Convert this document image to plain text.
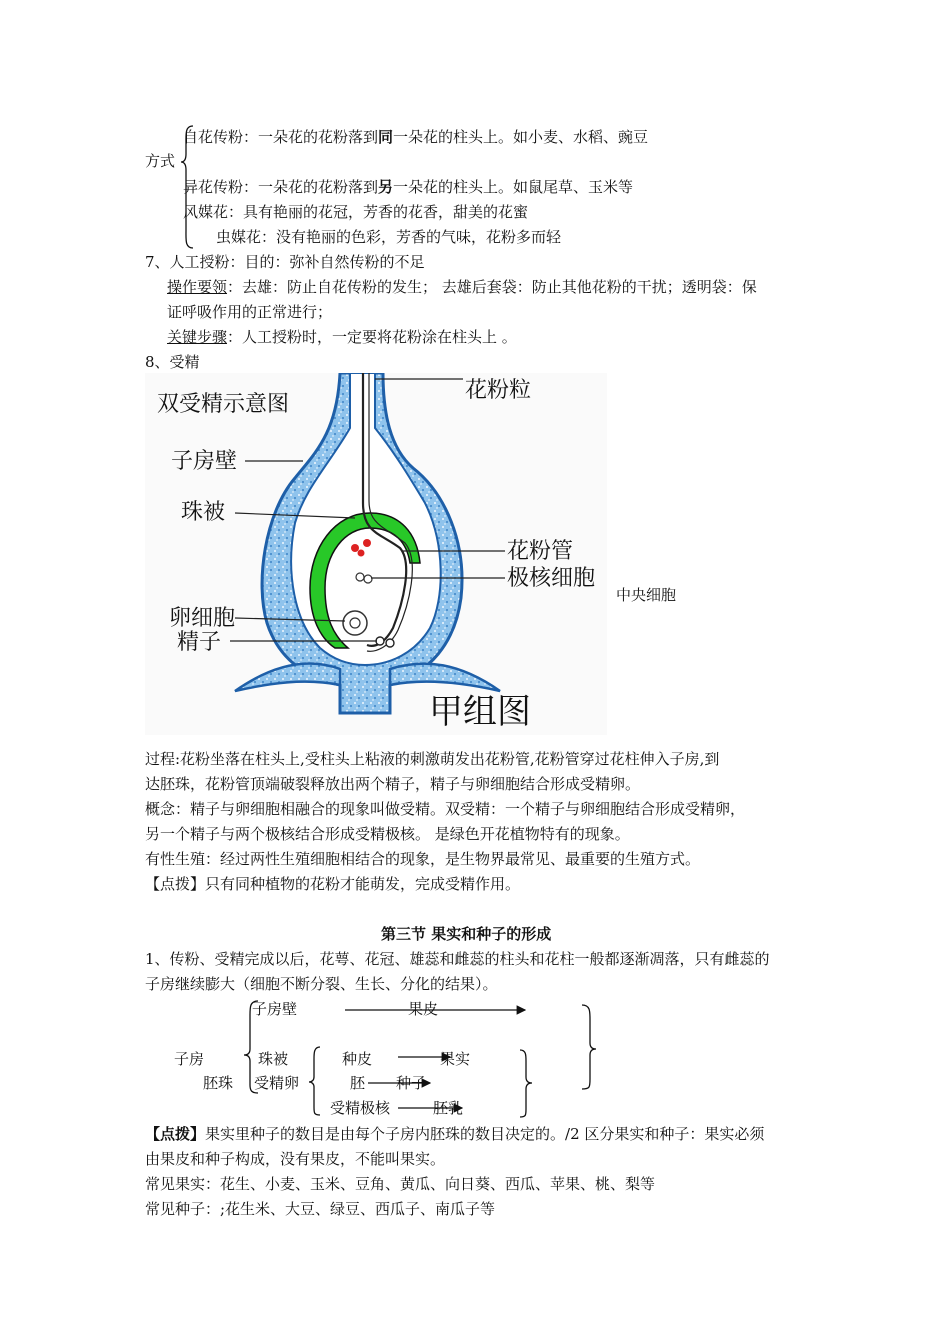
方式
自花传粉：一朵花的花粉落到同一朵花的柱头上。如小麦、水稻、豌豆
异花传粉：一朵花的花粉落到另一朵花的柱头上。如鼠尾草、玉米等
风媒花：具有艳丽的花冠，芳香的花香，甜美的花蜜
虫媒花：没有艳丽的色彩，芳香的气味，花粉多而轻
7、人工授粉：目的：弥补自然传粉的不足
操作要领：去雄：防止自花传粉的发生； 去雄后套袋：防止其他花粉的干扰；透明袋：保
证呼吸作用的正常进行；
关键步骤：人工授粉时，一定要将花粉涂在柱头上 。
8、受精
双受精示意图
花粉粒
子房壁
珠被
花粉管
极核细胞
卵细胞
精子
甲组图
中央细胞
过程:花粉坐落在柱头上,受柱头上粘液的刺激萌发出花粉管,花粉管穿过花柱伸入子房,到
达胚珠，花粉管顶端破裂释放出两个精子，精子与卵细胞结合形成受精卵。
概念：精子与卵细胞相融合的现象叫做受精。双受精：一个精子与卵细胞结合形成受精卵，
另一个精子与两个极核结合形成受精极核。 是绿色开花植物特有的现象。
有性生殖：经过两性生殖细胞相结合的现象，是生物界最常见、最重要的生殖方式。
【点拨】只有同种植物的花粉才能萌发，完成受精作用。
第三节 果实和种子的形成
1、传粉、受精完成以后，花萼、花冠、雄蕊和雌蕊的柱头和花柱一般都逐渐凋落，只有雌蕊的
子房继续膨大（细胞不断分裂、生长、分化的结果）。
子房壁	果皮
子房	珠被	种皮	果实
胚珠 受精卵	胚 种子
受精极核	胚乳
【点拨】果实里种子的数目是由每个子房内胚珠的数目决定的。/2 区分果实和种子：果实必须
由果皮和种子构成，没有果皮，不能叫果实。
常见果实：花生、小麦、玉米、豆角、黄瓜、向日葵、西瓜、苹果、桃、梨等
常见种子：;花生米、大豆、绿豆、西瓜子、南瓜子等
